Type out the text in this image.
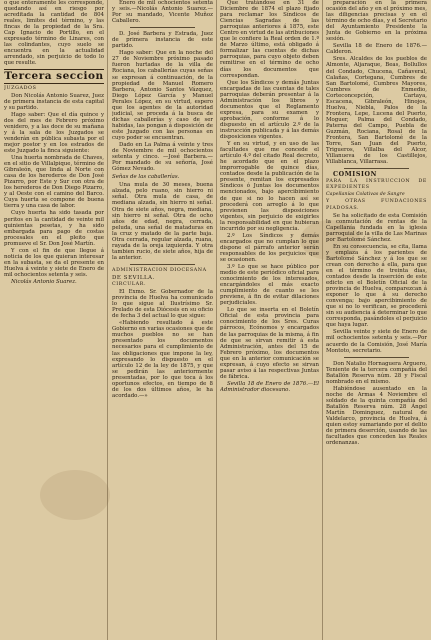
o que enteramente les corresponde, quedando así en riesgo por acreditada la cantidad de 804 reales, limites del término, y las fincas de la propiedad de la Sra. Cap Ignacio de Portillo, en el expresado término de Linares, con las colindantes, cuyo suelo se encuentra en la actualidad arrendado, sin perjuicio de todo lo que resulte.

Tercera seccion

JUZGADOS

Don Nicolás Antonio Suarez, Juez de primera instancia de esta capital y su partido.

Hago saber: Que el día quince y dos del mes de Febrero próximo venidero, y a las doce de su mañana y á la sala de los Juzgados se venderán en pública subasta por el mejor postor y en los estrados de este Juzgado la finca siguiente:

Una huerta nombrada de Chaves, en el sitio de Villalpique, término de Gibraleón, que linda al Norte con casa de los herederos de Don José Pizarro, por Este y Sur con otra de los herederos de Don Diego Pizarro, y al Oeste con el camino del Barco. Cuya huerta se compone de buena tierra y una casa de labor.

Cuyo huerta ha sido tasada por peritos en la cantidad de veinte mil quinientas pesetas, y ha sido embargada para pago de costas procesales en el pleito que promueve el Sr. Don José Martín.

Y con el fin de que llegue á noticia de los que quieran interesar en la subasta, se da el presente en Huelva á veinte y siete de Enero de mil ochocientos setenta y seis.

Nicolás Antonio Suarez.

Enero de mil ochocientos setenta y seis.—Nicolás Antonio Suarez.—Por su mandado, Vicente Muñoz Caballero.

D. José Barbera y Estrada, Juez de primera instancia de este partido.

Hago saber: Que en la noche del 27 de Noviembre próximo pasado fueron hurtadas de la villa de Rociana, los caballerías cuyas señas se expresan á continuación, de la propiedad de Manuel Romero Barbera, Antonio Santos Vázquez, Diego López García y Manuel Perales López, en su virtud, espero que los agentes de la autoridad judicial, se proceda á la busca de dichas caballerías y caso de ser habidas, las pongan á disposición de este Juzgado con las personas en cuyo poder se encuentran.

Dado en La Palma á veinte y tres de Noviembre de mil ochocientos setenta y cinco. —José Barbera.—Por mandado de su señoría, José Gómez Nevado.

Señas de las caballerías.

Una mula de 30 meses, buena alzada, pelo ruano, sin hierro ni señal. Otra mula de casa, de mediana alzada, sin hierro ni señal. Otra de siete años, negra, mediana, sin hierro ni señal. Otra de ocho años de edad, negra, cerrada, peluda, una señal de mataduras en la cruz y matado de la parte baja. Otra cerrada, regular alzada, ruana, rayada de la oreja izquierda. Y otra tambien rucio, de siete años, hija de la anterior.

ADMINISTRACION DIOCESANA

DE SEVILLA.

CIRCULAR.

El Exmo. Sr. Gobernador de la provincia de Huelva ha comunicado lo que sigue al Ilustrísimo Sr. Prelado de esta Diócesis en su oficio de fecha 3 del actual lo que sigue:

«Habiendo resultado á este Gobierno en varias ocasiones que de muchos pueblos no se han presentado los documentos necesarios para el cumplimiento de las obligaciones que impone la ley, expresando lo dispuesto en el artículo 12 de la ley de 1875, y que se pedirán las anteriormente presentadas, por lo que toca á los oportunos efectos, en tiempo de 8 de los dos últimos años, le ha acordado.—»

Que tratándose en 31 de Diciembre de 1874 el plazo fijado para reclamar los Síndicos de Ciencias Sagradas de las parroquias anteriores á 1875, este Centro en virtud de las atribuciones que le confiere la Real orden de 1.º de Marzo último, está obligado á formalizar las cuentas de dichas parroquias, para cuyo objeto deben remitirse en el término de ocho días los documentos que correspondan.

Que los Síndicos y demás Juntas encargadas de las cuentas de tales parroquias deberán presentar á la Administración los libros y documentos que el Reglamento expresa, para su examen y aprobación, conforme á lo dispuesto en el artículo 2.º de la instrucción publicada y á las demás disposiciones vigentes.

Y en su virtud, y en uso de las facultades que me concede el artículo 4.º del citado Real decreto, he acordado que en el plazo improrrogable de quince días, contados desde la publicación de la presente, remitan los expresados Síndicos ó Juntas los documentos mencionados, bajo apercibimiento de que si no lo hacen así se procederá con arreglo á lo que previenen las disposiciones vigentes, sin perjuicio de exigirles la responsabilidad en que hubieran incurrido por su negligencia.

2.º Los Síndicos y demás encargados que no cumplan lo que dispone el párrafo anterior serán responsables de los perjuicios que se ocasionen.

3.º Lo que se hace público por medio de este periódico oficial para conocimiento de los interesados, encargándoles el más exacto cumplimiento de cuanto se les previene, á fin de evitar dilaciones perjudiciales.

Lo que se inserta en el Boletín Oficial de esta provincia para conocimiento de los Sres. Curas párrocos, Ecónomos y encargados de las parroquias de la misma, á fin de que se sirvan remitir á esta Administración, antes del 15 de Febrero próximo, los documentos que en la anterior comunicación se expresan, á cuyo efecto se sirvan pasar aviso á las respectivas Juntas de fábrica.

Sevilla 18 de Enero de 1876.—El Administrador diocesano.

preparación en la primera ocasión del año y en el próximo mes, las diligencias precisas y en el término de ocho días, y el Secretario del Ayuntamiento Presidente la Junta de Gobierno en la próxima sesión.

Sevilla 18 de Enero de 1876.—Calderon.

Sres. Alcaldes de los pueblos de Almonte, Aljaraque, Beas, Bollullos del Condado, Chucena, Cañaveral, Calañas, Cortegana, Cumbres de San Bartolomé, Cumbres Mayores, Cumbres de Enmedio, Corteconcepción, Cartaya, Escacena, Gibraleón, Hinojos, Huelva, Niebla, Palos de la Frontera, Lepe, Lucena del Puerto, Moguer, Palma del Condado, Paterna del Campo, Puebla de Guzmán, Rociana, Rosal de la Frontera, San Bartolomé de la Torre, San Juan del Puerto, Trigueros, Villalba del Alcor, Villanueva de los Castillejos, Villablanca, Villarrasa.

COMISION

PARA LA INSTRUCCION DE EXPEDIENTES

Capellanías Colativas de Sangre

Y OTRAS FUNDACIONES PIADOSAS.

Se ha solicitado de esta Comisión la conmutación de rentas de la Capellanía fundada en la iglesia parroquial de la villa de Las Marinas por Bartolomé Sánchez.

En su consecuencia, se cita, llama y emplaza á los parientes de Bartolomé Sánchez y á los que se crean con derecho á ella, para que en el término de treinta días, contados desde la inserción de este edicto en el Boletín Oficial de la provincia de Huelva, comparezcan á exponer lo que á su derecho convenga; bajo apercibimiento de que si no lo verifican, se procederá sin su audiencia á determinar lo que corresponda, pasándoles el perjuicio que haya lugar.

Sevilla veinte y siete de Enero de mil ochocientos setenta y seis.—Por acuerdo de la Comisión, José María Montoto, secretario.

Don Natalio Hornaguera Arguero, Teniente de la tercera compañía del Batallón Reserva núm. 28 y Fiscal nombrado en el mismo.

Habiéndose ausentado en la noche de Armas 4 Noviembre el soldado de la quinta compañía del Batallón Reserva núm. 28 Ángel Martín Dominguez, natural de Valdelarco, provincia de Huelva, á quien estoy sumariando por el delito de primera deserción, usando de las facultades que conceden las Reales ordenanzas.
